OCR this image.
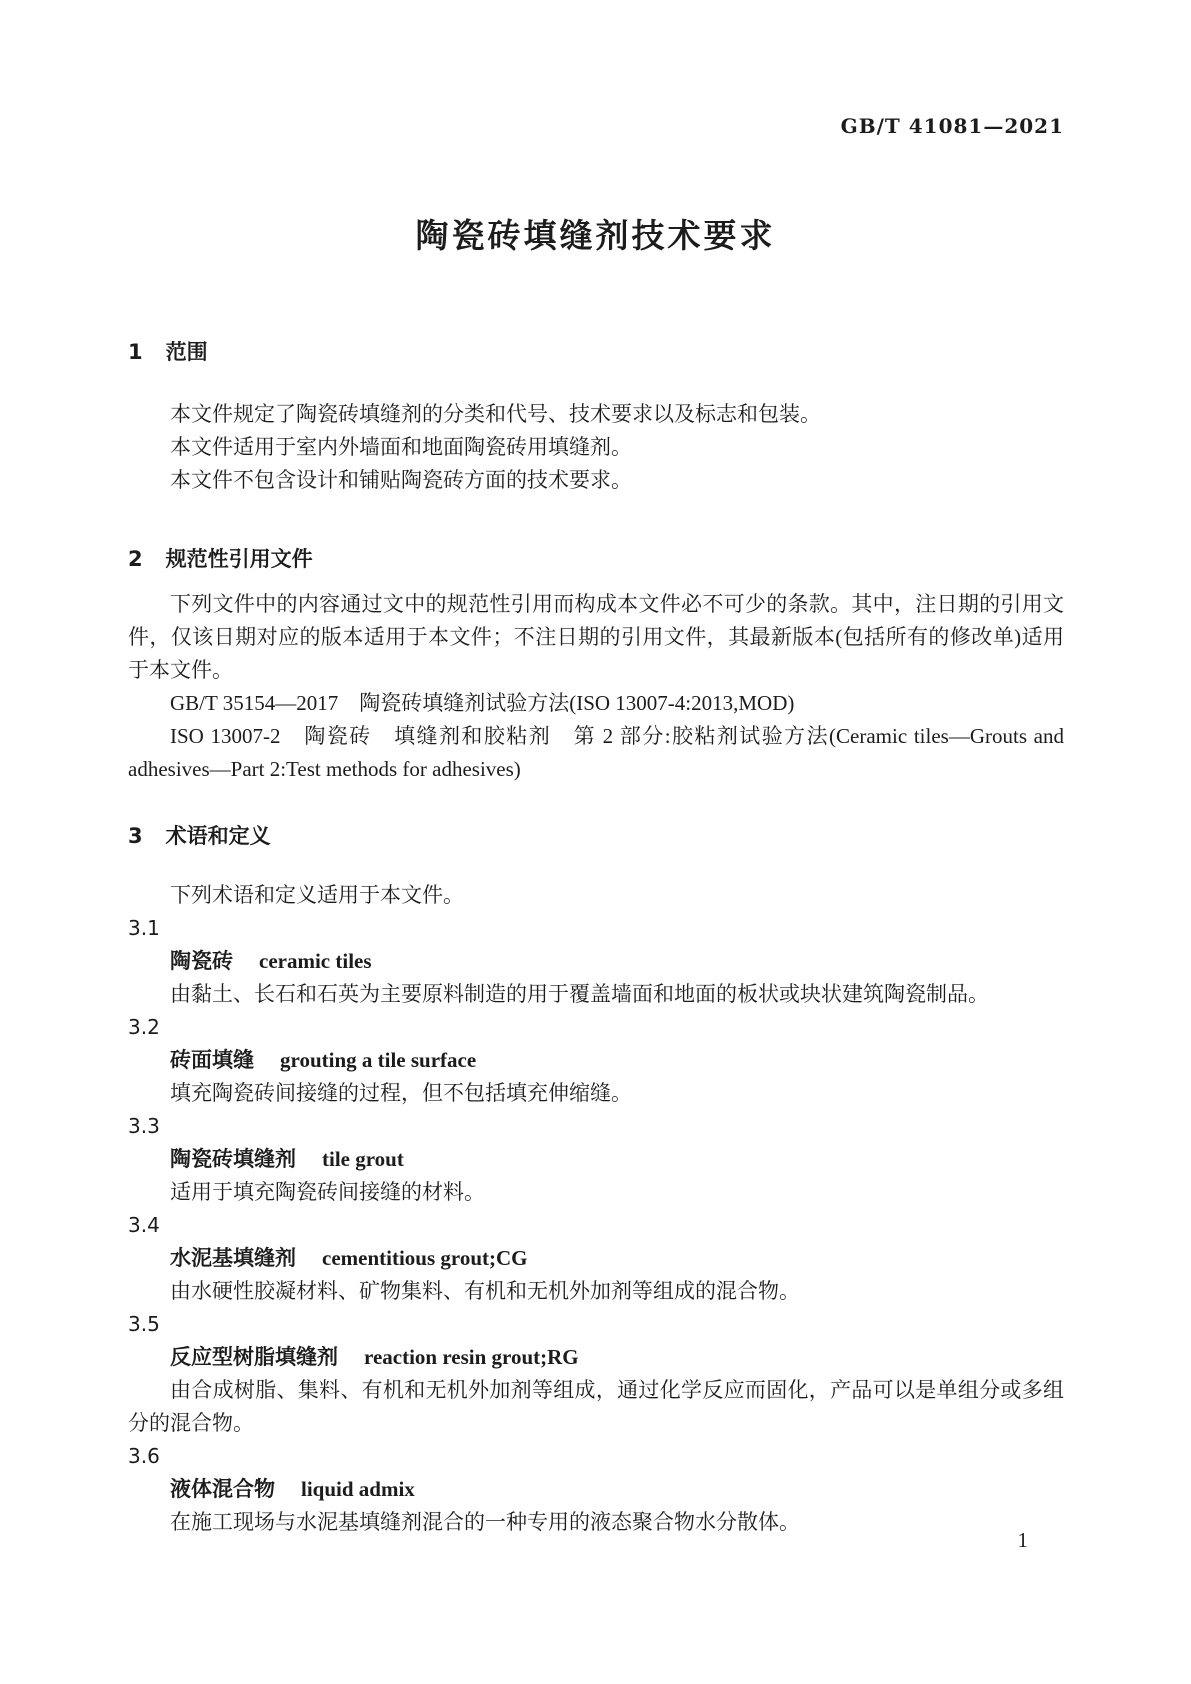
GB/T 41081—2021
陶瓷砖填缝剂技术要求
1 范围

本文件规定了陶瓷砖填缝剂的分类和代号、技术要求以及标志和包装。

本文件适用于室内外墙面和地面陶瓷砖用填缝剂。

本文件不包含设计和铺贴陶瓷砖方面的技术要求。

2 规范性引用文件

下列文件中的内容通过文中的规范性引用而构成本文件必不可少的条款。其中，注日期的引用文件，仅该日期对应的版本适用于本文件；不注日期的引用文件，其最新版本(包括所有的修改单)适用于本文件。

GB/T 35154—2017　陶瓷砖填缝剂试验方法(ISO 13007-4:2013,MOD)

ISO 13007-2　陶瓷砖　填缝剂和胶粘剂　第 2 部分:胶粘剂试验方法(Ceramic tiles—Grouts and adhesives—Part 2:Test methods for adhesives)

3 术语和定义

下列术语和定义适用于本文件。

3.1

陶瓷砖 ceramic tiles

由黏土、长石和石英为主要原料制造的用于覆盖墙面和地面的板状或块状建筑陶瓷制品。

3.2

砖面填缝 grouting a tile surface

填充陶瓷砖间接缝的过程，但不包括填充伸缩缝。

3.3

陶瓷砖填缝剂 tile grout

适用于填充陶瓷砖间接缝的材料。

3.4

水泥基填缝剂 cementitious grout;CG

由水硬性胶凝材料、矿物集料、有机和无机外加剂等组成的混合物。

3.5

反应型树脂填缝剂 reaction resin grout;RG

由合成树脂、集料、有机和无机外加剂等组成，通过化学反应而固化，产品可以是单组分或多组分的混合物。

3.6

液体混合物 liquid admix

在施工现场与水泥基填缝剂混合的一种专用的液态聚合物水分散体。

1
